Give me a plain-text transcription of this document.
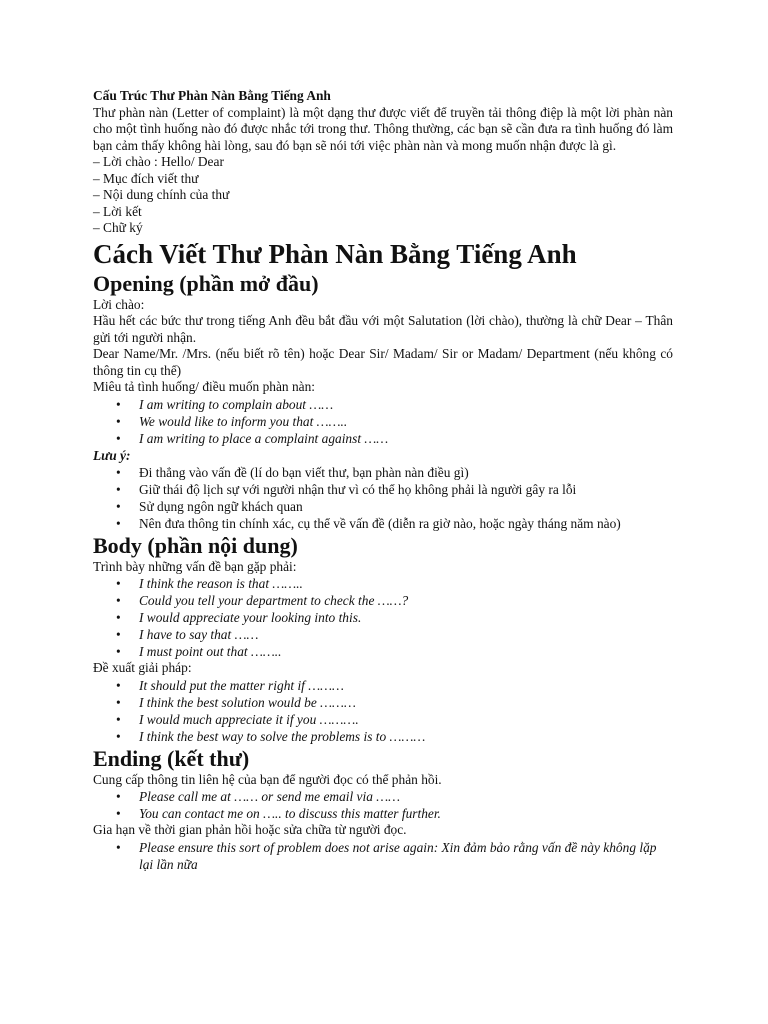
Cấu Trúc Thư Phàn Nàn Bằng Tiếng Anh

Thư phàn nàn (Letter of complaint) là một dạng thư được viết để truyền tải thông điệp là một lời phàn nàn cho một tình huống nào đó được nhắc tới trong thư. Thông thường, các bạn sẽ cần đưa ra tình huống đó làm bạn cảm thấy không hài lòng, sau đó bạn sẽ nói tới việc phàn nàn và mong muốn nhận được là gì.

– Lời chào : Hello/ Dear

– Mục đích viết thư

– Nội dung chính của thư

– Lời kết

– Chữ ký

Cách Viết Thư Phàn Nàn Bằng Tiếng Anh
Opening (phần mở đầu)

Lời chào:

Hầu hết các bức thư trong tiếng Anh đều bắt đầu với một Salutation (lời chào), thường là chữ Dear – Thân gửi tới người nhận.

Dear Name/Mr. /Mrs. (nếu biết rõ tên) hoặc Dear Sir/ Madam/ Sir or Madam/ Department (nếu không có thông tin cụ thể)

Miêu tả tình huống/ điều muốn phàn nàn:

• I am writing to complain about ……
• We would like to inform you that ……..
• I am writing to place a complaint against ……

Lưu ý:

• Đi thẳng vào vấn đề (lí do bạn viết thư, bạn phàn nàn điều gì)
• Giữ thái độ lịch sự với người nhận thư vì có thể họ không phải là người gây ra lỗi
• Sử dụng ngôn ngữ khách quan
• Nên đưa thông tin chính xác, cụ thể về vấn đề (diễn ra giờ nào, hoặc ngày tháng năm nào)
Body (phần nội dung)

Trình bày những vấn đề bạn gặp phải:

• I think the reason is that ……..
• Could you tell your department to check the ……?
• I would appreciate your looking into this.
• I have to say that ……
• I must point out that ……..

Đề xuất giải pháp:

• It should put the matter right if ………
• I think the best solution would be ………
• I would much appreciate it if you ……….
• I think the best way to solve the problems is to ………
Ending (kết thư)

Cung cấp thông tin liên hệ của bạn để người đọc có thể phản hồi.

• Please call me at …… or send me email via ……
• You can contact me on ….. to discuss this matter further.

Gia hạn về thời gian phản hồi hoặc sửa chữa từ người đọc.

• Please ensure this sort of problem does not arise again: Xin đảm bảo rằng vấn đề này không lặp lại lần nữa
